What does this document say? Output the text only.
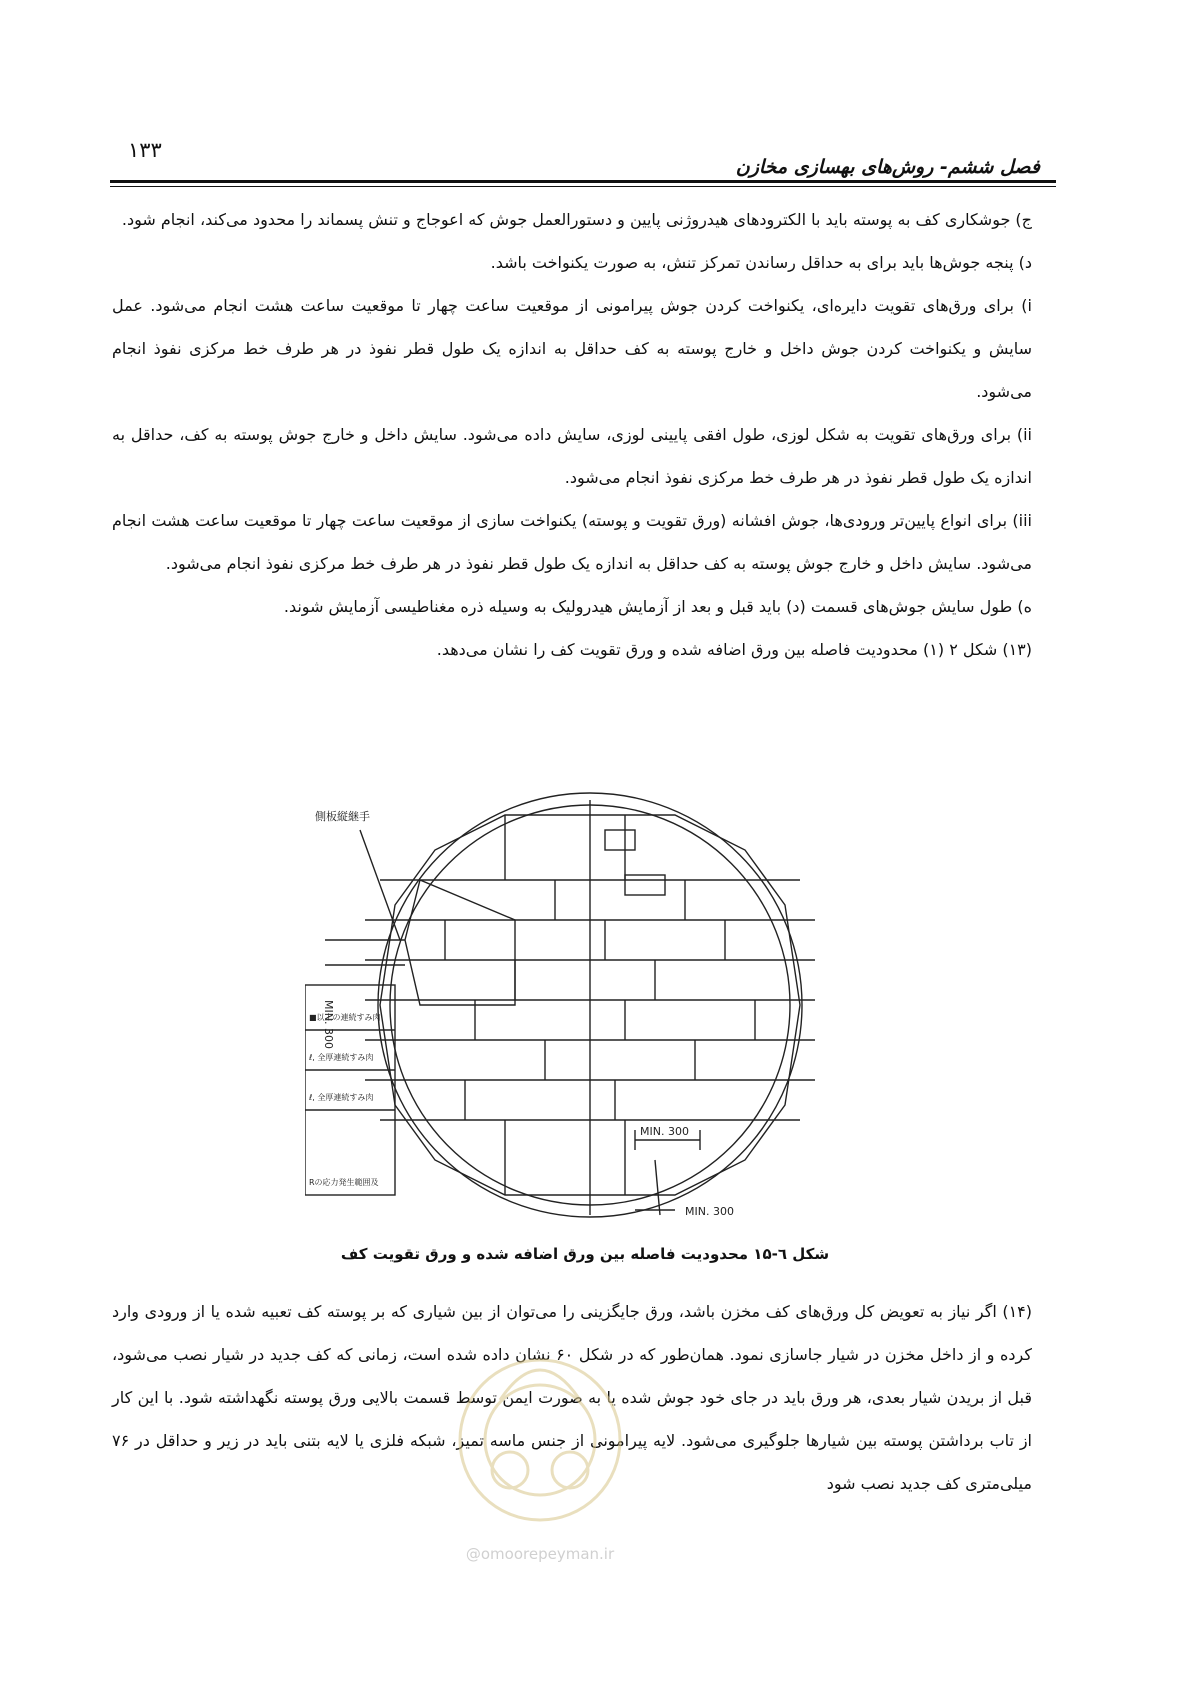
۱۳۳
فصل ششم- روش‌های بهسازی مخازن

ج) جوشکاری کف به پوسته باید با الکترودهای هیدروژنی پایین و دستورالعمل جوش که اعوجاج و تنش پسماند را محدود می‌کند، انجام شود.

د) پنجه جوش‌ها باید برای به حداقل رساندن تمرکز تنش، به صورت یکنواخت باشد.

i) برای ورق‌های تقویت دایره‌ای، یکنواخت کردن جوش پیرامونی از موقعیت ساعت چهار تا موقعیت ساعت هشت انجام می‌شود. عمل سایش و یکنواخت کردن جوش داخل و خارج پوسته به کف حداقل به اندازه یک طول قطر نفوذ در هر طرف خط مرکزی نفوذ انجام می‌شود.

ii) برای ورق‌های تقویت به شکل لوزی، طول افقی پایینی لوزی، سایش داده می‌شود. سایش داخل و خارج جوش پوسته به کف، حداقل به اندازه یک طول قطر نفوذ در هر طرف خط مرکزی نفوذ انجام می‌شود.

iii) برای انواع پایین‌تر ورودی‌ها، جوش افشانه (ورق تقویت و پوسته) یکنواخت سازی از موقعیت ساعت چهار تا موقعیت ساعت هشت انجام می‌شود. سایش داخل و خارج جوش پوسته به کف حداقل به اندازه یک طول قطر نفوذ در هر طرف خط مرکزی نفوذ انجام می‌شود.

ه) طول سایش جوش‌های قسمت (د) باید قبل و بعد از آزمایش هیدرولیک به وسیله ذره مغناطیسی آزمایش شوند.

(۱۳) شکل ۲ (۱) محدودیت فاصله بین ورق اضافه شده و ورق تقویت کف را نشان می‌دهد.

側板縦継手
MIN. 300
MIN. 300
MIN. 300
■以上の連続すみ肉
ℓ, 全厚連続すみ肉
ℓ, 全厚連続すみ肉
Rの応力発生範囲及
شکل ٦-۱۵ محدودیت فاصله بین ورق اضافه شده و ورق تقویت کف

(۱۴) اگر نیاز به تعویض کل ورق‌های کف مخزن باشد، ورق جایگزینی را می‌توان از بین شیاری که بر پوسته کف تعبیه شده یا از ورودی وارد کرده و از داخل مخزن در شیار جاسازی نمود. همان‌طور که در شکل ۶۰ نشان داده شده است، زمانی که کف جدید در شیار نصب می‌شود، قبل از بریدن شیار بعدی، هر ورق باید در جای خود جوش شده یا به صورت ایمن توسط قسمت بالایی ورق پوسته نگهداشته شود. با این کار از تاب برداشتن پوسته بین شیارها جلوگیری می‌شود. لایه پیرامونی از جنس ماسه تمیز، شبکه فلزی یا لایه بتنی باید در زیر و حداقل در ۷۶ میلی‌متری کف جدید نصب شود

@omoorepeyman.ir
